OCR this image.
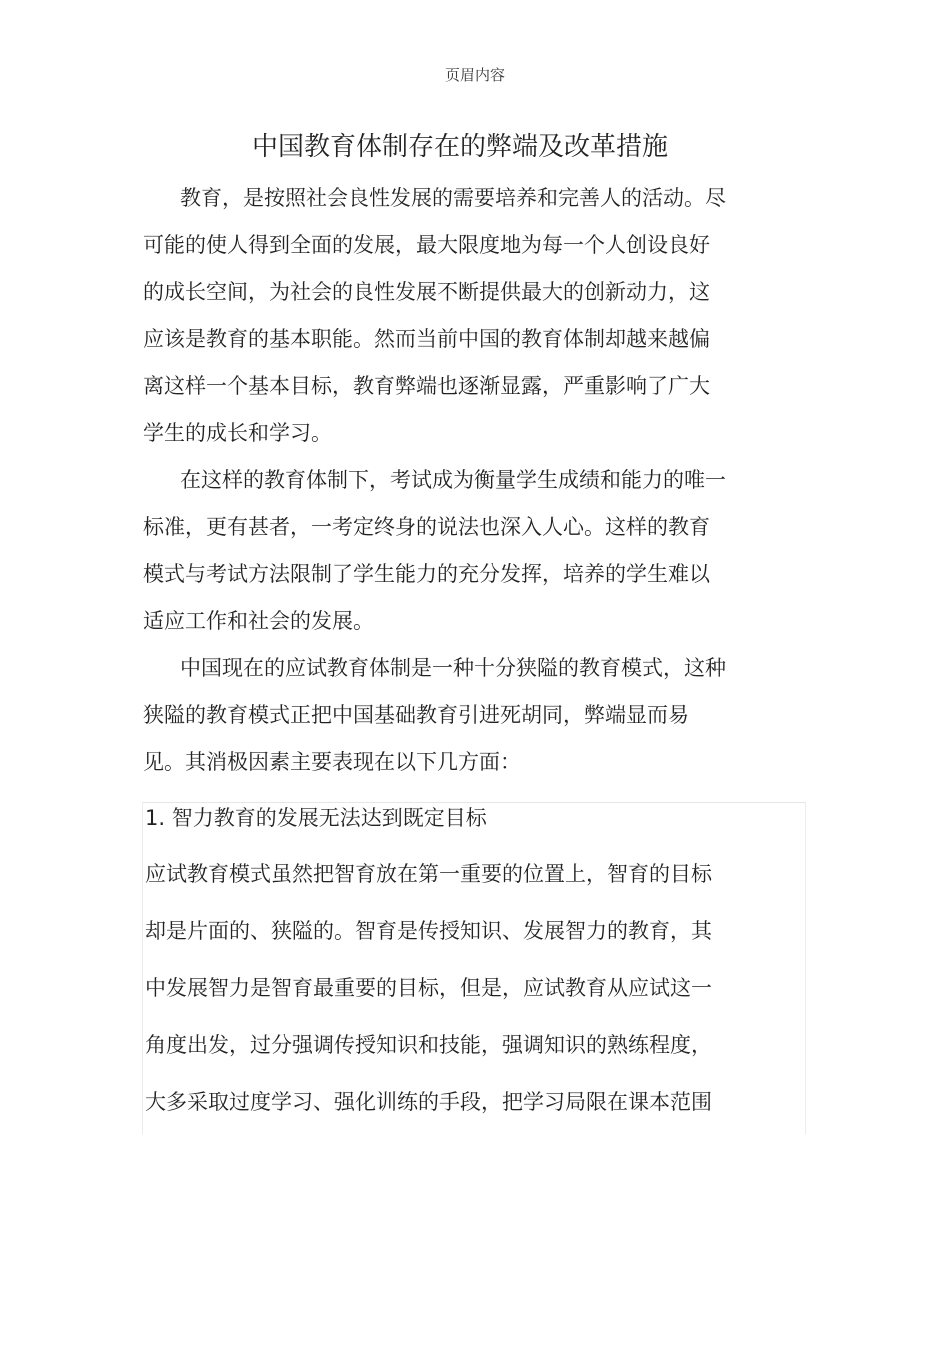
页眉内容
中国教育体制存在的弊端及改革措施
教育，是按照社会良性发展的需要培养和完善人的活动。尽
可能的使人得到全面的发展，最大限度地为每一个人创设良好
的成长空间，为社会的良性发展不断提供最大的创新动力，这
应该是教育的基本职能。然而当前中国的教育体制却越来越偏
离这样一个基本目标，教育弊端也逐渐显露，严重影响了广大
学生的成长和学习。
在这样的教育体制下，考试成为衡量学生成绩和能力的唯一
标准，更有甚者，一考定终身的说法也深入人心。这样的教育
模式与考试方法限制了学生能力的充分发挥，培养的学生难以
适应工作和社会的发展。
中国现在的应试教育体制是一种十分狭隘的教育模式，这种
狭隘的教育模式正把中国基础教育引进死胡同，弊端显而易
见。其消极因素主要表现在以下几方面：
1. 智力教育的发展无法达到既定目标
应试教育模式虽然把智育放在第一重要的位置上，智育的目标
却是片面的、狭隘的。智育是传授知识、发展智力的教育，其
中发展智力是智育最重要的目标，但是，应试教育从应试这一
角度出发，过分强调传授知识和技能，强调知识的熟练程度，
大多采取过度学习、强化训练的手段，把学习局限在课本范围
